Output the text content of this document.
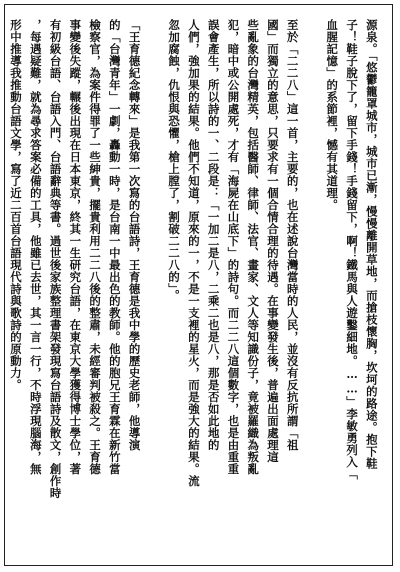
源泉。「悠鬱籠罩城市，城市已漸，慢慢離開草地，而搶枝懷胸，坎坷的路途。抱下鞋
子！鞋子脫下了，留下手錢！手錢留下，啊！鐵馬與人遊鑿細地。……」李敏勇列入「
血腥記憶」的系節裡，憾有其道理。
至於「二二八」這一首，主要的，也在述說台灣當時的人民，並沒有反抗所謂「祖
國」而獨立的意思，只要求有一個合情合理的待遇。在事變發生後，普遍出面處理這
些亂象的台灣精英，包括醫師、律師、法官、畫家、文人等知識份子，竟被羅織為叛亂
犯，暗中或公開處死，才有「海屍在山底下」的詩句。而二二八這個數字，也是由重重
誤會產生，所以詩的一、二段是：「一加二是八，二乘二也是八，那是否如此地的
人們，強加果的結果。他們不知道，原來的一，不是一支裡的星火，而是強大的結果。流
忽加腐蝕，仇恨與恐懼，槍上膛了，割破二二八的」。
「王育德紀念轉來」是我第一次寫的台語詩，王育德是我中學的歷史老師，他導演
的「台灣青年」一劇，轟動一時，是台南一中最出色的教師。他的胞兄王育霖在新竹當
檢察官，為案件得罪了一些紳貴，擺貴利用二二八後的整肅，未經審判被殺之。王育德
事變後失蹤，輾後出現在日本東京，終其一生研究台語，在東京大學獲得博士學位，著
有初級台語、台語入門、台語辭典等書。過世後家族整理書架發現寫台語詩及散文，創作時
，每遇疑難，就為尋求答案必備的工具，他雖已去世，其一言一行，不時浮現腦海，無
形中推導我推動台語文學，寫了近二百首台語現代詩與歌詩的原動力。
